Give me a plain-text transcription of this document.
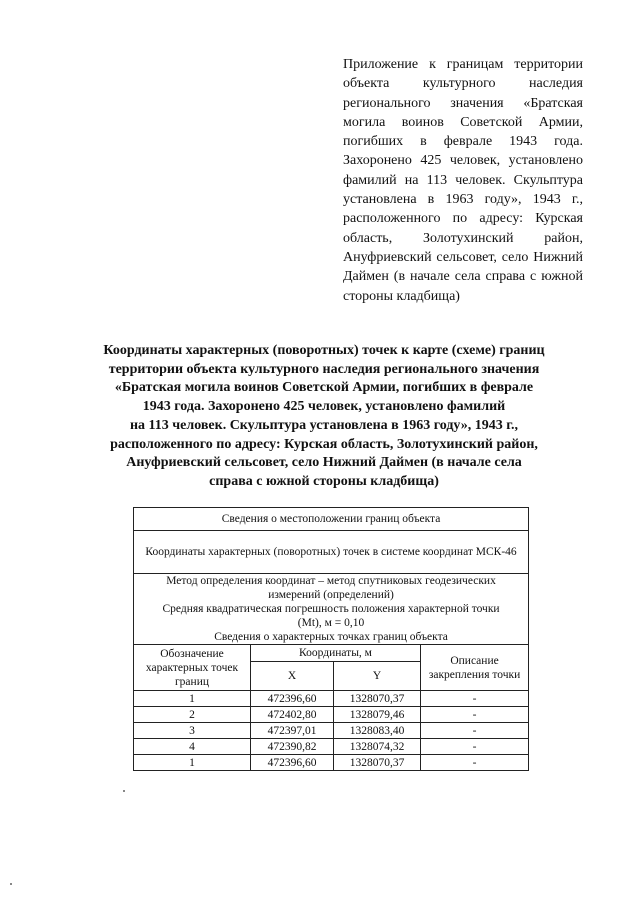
Приложение к границам территории объекта культурного наследия регионального значения «Братская могила воинов Советской Армии, погибших в феврале 1943 года. Захоронено 425 человек, установлено фамилий на 113 человек. Скульптура установлена в 1963 году», 1943 г., расположенного по адресу: Курская область, Золотухинский район, Ануфриевский сельсовет, село Нижний Даймен (в начале села справа с южной стороны кладбища)
Координаты характерных (поворотных) точек к карте (схеме) границ
территории объекта культурного наследия регионального значения
«Братская могила воинов Советской Армии, погибших в феврале
1943 года. Захоронено 425 человек, установлено фамилий
на 113 человек. Скульптура установлена в 1963 году», 1943 г.,
расположенного по адресу: Курская область, Золотухинский район,
Ануфриевский сельсовет, село Нижний Даймен (в начале села
справа с южной стороны кладбища)
Сведения о местоположении границ объекта			
Координаты характерных (поворотных) точек в системе координат МСК-46			

Метод определения координат – метод спутниковых геодезических
измерений (определений)
Средняя квадратическая погрешность положения характерной точки
(Mt), м = 0,10
Сведения о характерных точках границ объекта			

Обозначение характерных точек границ	Координаты, м		Описание закрепления точки
	X	Y	
1	472396,60	1328070,37	-
2	472402,80	1328079,46	-
3	472397,01	1328083,40	-
4	472390,82	1328074,32	-
1	472396,60	1328070,37	-
